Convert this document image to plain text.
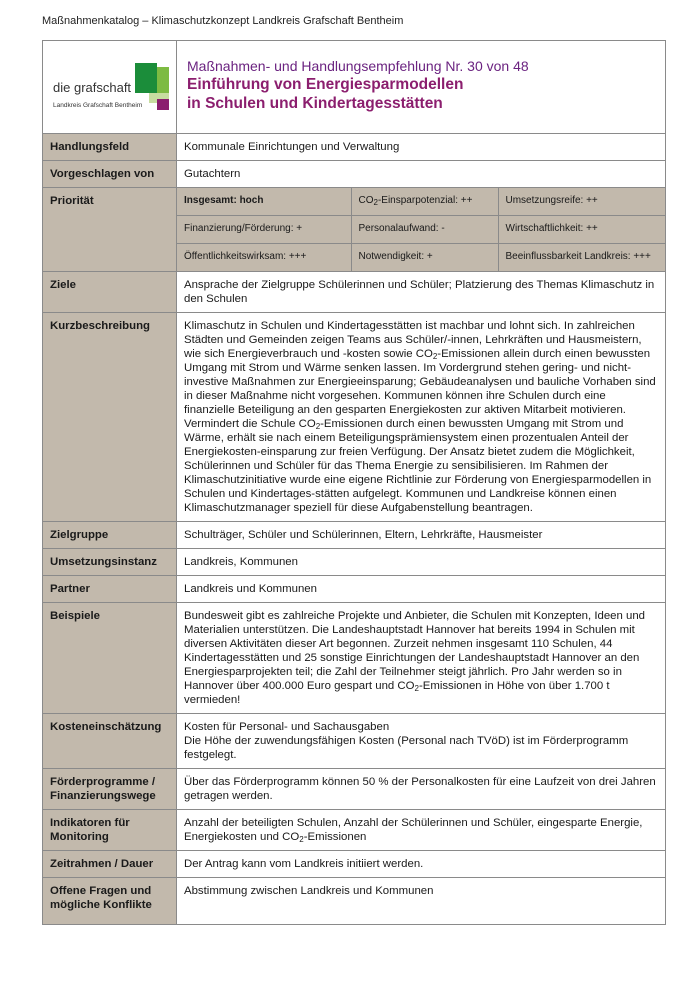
Maßnahmenkatalog – Klimaschutzkonzept Landkreis Grafschaft Bentheim
die grafschaft
Landkreis Grafschaft Bentheim

Maßnahmen- und Handlungsempfehlung Nr. 30 von 48
Einführung von Energiesparmodellen
in Schulen und Kindertagesstätten

Handlungsfeld	Kommunale Einrichtungen und Verwaltung
Vorgeschlagen von	Gutachtern
Priorität		Insgesamt: hoch	$CO_2$-Einsparpotenzial: ++	Umsetzungsreife: ++
Finanzierung/Förderung: +	Personalaufwand: -	Wirtschaftlichkeit: ++
Öffentlichkeitswirksam: +++	Notwendigkeit: +	Beeinflussbarkeit Landkreis: +++

Ziele	Ansprache der Zielgruppe Schülerinnen und Schüler; Platzierung des Themas Klimaschutz in den Schulen
Kurzbeschreibung	Klimaschutz in Schulen und Kindertagesstätten ist machbar und lohnt sich. In zahlreichen Städten und Gemeinden zeigen Teams aus Schüler/-innen, Lehrkräften und Hausmeistern, wie sich Energieverbrauch und -kosten sowie $CO_2$-Emissionen allein durch einen bewussten Umgang mit Strom und Wärme senken lassen. Im Vordergrund stehen gering- und nicht-investive Maßnahmen zur Energieeinsparung; Gebäudeanalysen und bauliche Vorhaben sind in dieser Maßnahme nicht vorgesehen. Kommunen können ihre Schulen durch eine finanzielle Beteiligung an den gesparten Energiekosten zur aktiven Mitarbeit motivieren. Vermindert die Schule $CO_2$-Emissionen durch einen bewussten Umgang mit Strom und Wärme, erhält sie nach einem Beteiligungsprämiensystem einen prozentualen Anteil der Energiekosten-einsparung zur freien Verfügung. Der Ansatz bietet zudem die Möglichkeit, Schülerinnen und Schüler für das Thema Energie zu sensibilisieren. Im Rahmen der Klimaschutzinitiative wurde eine eigene Richtlinie zur Förderung von Energiesparmodellen in Schulen und Kindertages-stätten aufgelegt. Kommunen und Landkreise können einen Klimaschutzmanager speziell für diese Aufgabenstellung beantragen.
Zielgruppe	Schulträger, Schüler und Schülerinnen, Eltern, Lehrkräfte, Hausmeister
Umsetzungsinstanz	Landkreis, Kommunen
Partner	Landkreis und Kommunen
Beispiele	Bundesweit gibt es zahlreiche Projekte und Anbieter, die Schulen mit Konzepten, Ideen und Materialien unterstützen. Die Landeshauptstadt Hannover hat bereits 1994 in Schulen mit diversen Aktivitäten dieser Art begonnen. Zurzeit nehmen insgesamt 110 Schulen, 44 Kindertagesstätten und 25 sonstige Einrichtungen der Landeshauptstadt Hannover an den Energiesparprojekten teil; die Zahl der Teilnehmer steigt jährlich. Pro Jahr werden so in Hannover über 400.000 Euro gespart und $CO_2$-Emissionen in Höhe von über 1.700 t vermieden!
Kosteneinschätzung	Kosten für Personal- und Sachausgaben
Die Höhe der zuwendungsfähigen Kosten (Personal nach TVöD) ist im Förderprogramm festgelegt.
Förderprogramme /
Finanzierungswege	Über das Förderprogramm können 50 % der Personalkosten für eine Laufzeit von drei Jahren getragen werden.
Indikatoren für
Monitoring	Anzahl der beteiligten Schulen, Anzahl der Schülerinnen und Schüler, eingesparte Energie, Energiekosten und $CO_2$-Emissionen
Zeitrahmen / Dauer	Der Antrag kann vom Landkreis initiiert werden.
Offene Fragen und
mögliche Konflikte	Abstimmung zwischen Landkreis und Kommunen
